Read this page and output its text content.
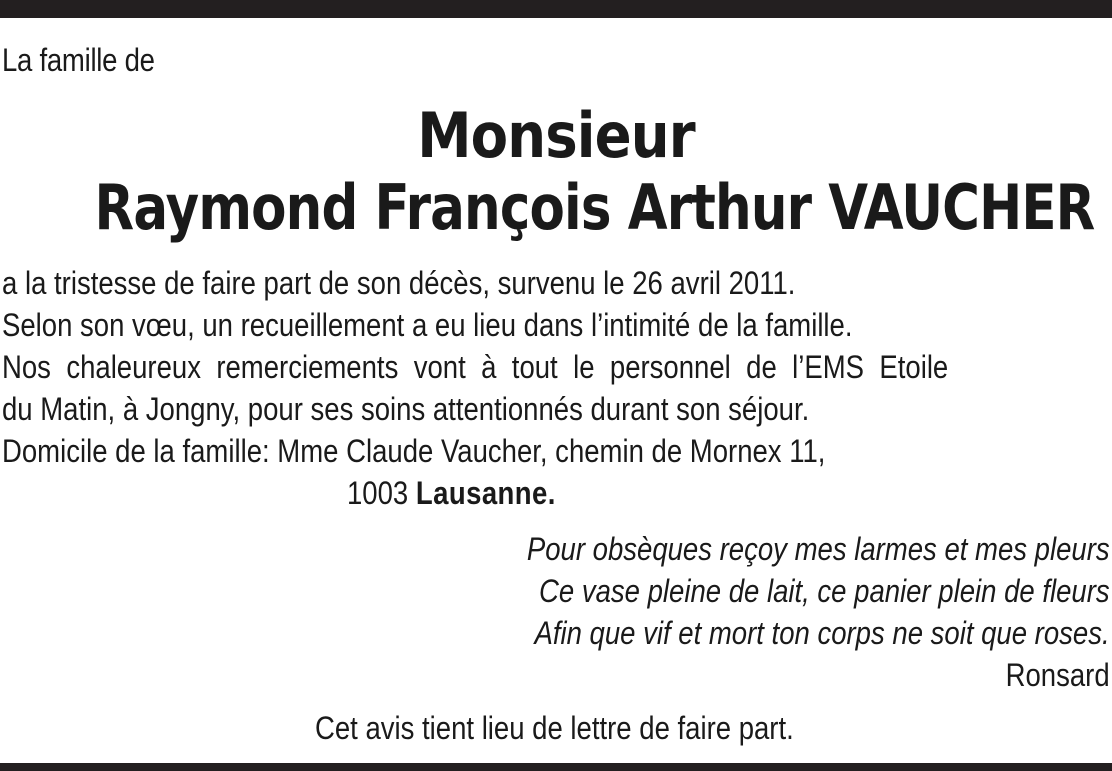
La famille de
Monsieur
Raymond François Arthur VAUCHER
a la tristesse de faire part de son décès, survenu le 26 avril 2011.
Selon son vœu, un recueillement a eu lieu dans l’intimité de la famille.
Nos chaleureux remerciements vont à tout le personnel de l’EMS Etoile
du Matin, à Jongny, pour ses soins attentionnés durant son séjour.
Domicile de la famille: Mme Claude Vaucher, chemin de Mornex 11,
1003 Lausanne.
Pour obsèques reçoy mes larmes et mes pleurs
Ce vase pleine de lait, ce panier plein de fleurs
Afin que vif et mort ton corps ne soit que roses.
Ronsard
Cet avis tient lieu de lettre de faire part.
